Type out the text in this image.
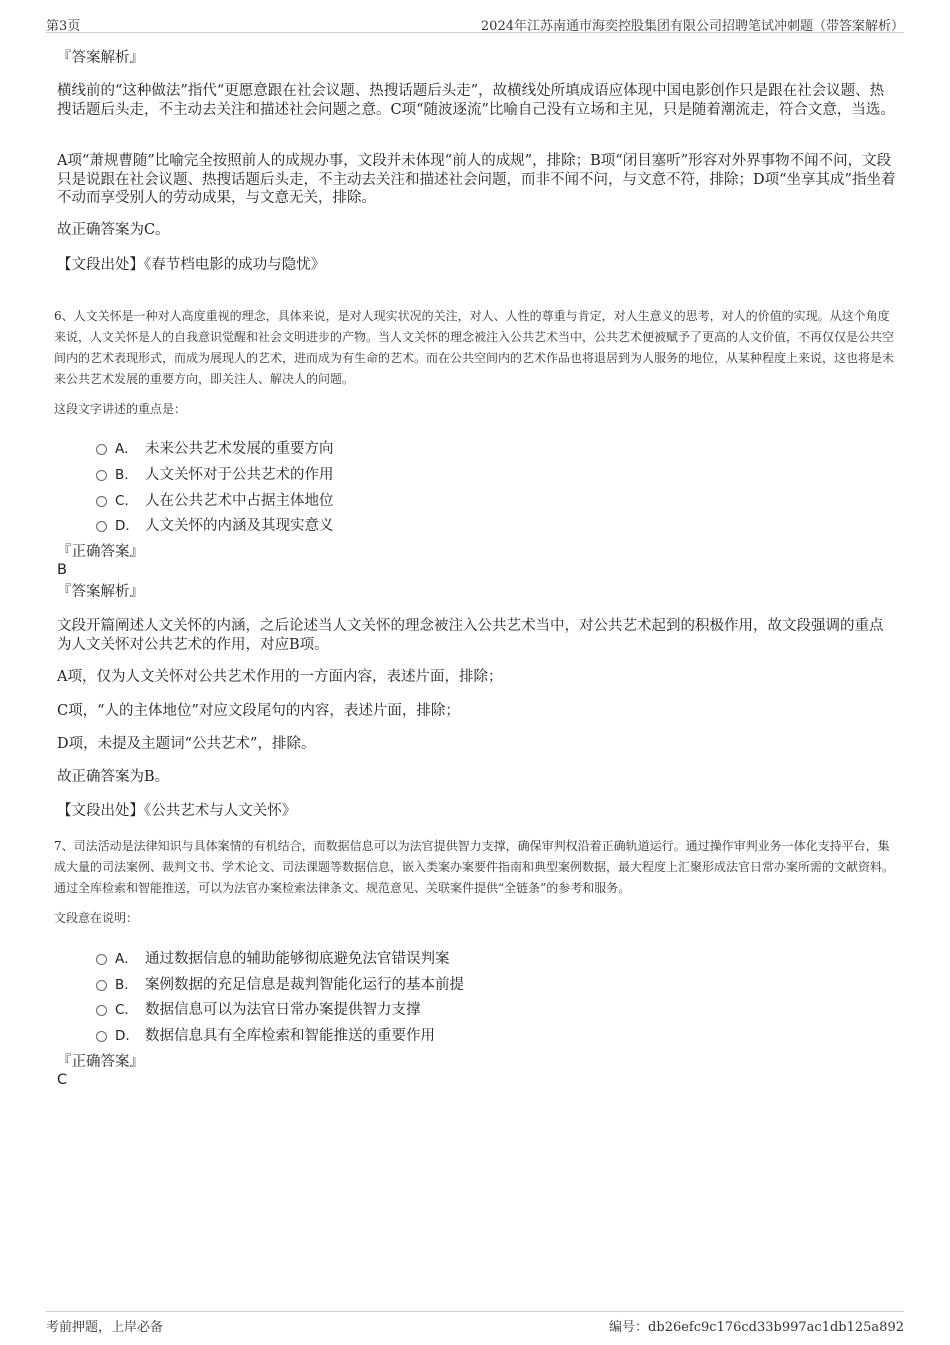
第3页	2024年江苏南通市海奕控股集团有限公司招聘笔试冲刺题（带答案解析）
『答案解析』
横线前的“这种做法”指代“更愿意跟在社会议题、热搜话题后头走”，故横线处所填成语应体现中国电影创作只是跟在社会议题、热搜话题后头走，不主动去关注和描述社会问题之意。C项“随波逐流”比喻自己没有立场和主见，只是随着潮流走，符合文意，当选。
A项“萧规曹随”比喻完全按照前人的成规办事，文段并未体现“前人的成规”，排除；B项“闭目塞听”形容对外界事物不闻不问，文段只是说跟在社会议题、热搜话题后头走，不主动去关注和描述社会问题，而非不闻不问，与文意不符，排除；D项“坐享其成”指坐着不动而享受别人的劳动成果，与文意无关，排除。
故正确答案为C。
【文段出处】《春节档电影的成功与隐忧》
6、人文关怀是一种对人高度重视的理念，具体来说，是对人现实状况的关注，对人、人性的尊重与肯定，对人生意义的思考，对人的价值的实现。从这个角度来说，人文关怀是人的自我意识觉醒和社会文明进步的产物。当人文关怀的理念被注入公共艺术当中，公共艺术便被赋予了更高的人文价值，不再仅仅是公共空间内的艺术表现形式，而成为展现人的艺术，进而成为有生命的艺术。而在公共空间内的艺术作品也将退居到为人服务的地位，从某种程度上来说，这也将是未来公共艺术发展的重要方向，即关注人、解决人的问题。
这段文字讲述的重点是：
A． 未来公共艺术发展的重要方向
B. 人文关怀对于公共艺术的作用
C. 人在公共艺术中占据主体地位
D. 人文关怀的内涵及其现实意义
『正确答案』
B
『答案解析』
文段开篇阐述人文关怀的内涵，之后论述当人文关怀的理念被注入公共艺术当中，对公共艺术起到的积极作用，故文段强调的重点为人文关怀对公共艺术的作用，对应B项。
A项，仅为人文关怀对公共艺术作用的一方面内容，表述片面，排除；
C项，“人的主体地位”对应文段尾句的内容，表述片面，排除；
D项，未提及主题词“公共艺术”，排除。
故正确答案为B。
【文段出处】《公共艺术与人文关怀》
7、司法活动是法律知识与具体案情的有机结合，而数据信息可以为法官提供智力支撑，确保审判权沿着正确轨道运行。通过操作审判业务一体化支持平台，集成大量的司法案例、裁判文书、学术论文、司法课题等数据信息，嵌入类案办案要件指南和典型案例数据，最大程度上汇聚形成法官日常办案所需的文献资料。通过全库检索和智能推送，可以为法官办案检索法律条文、规范意见、关联案件提供“全链条”的参考和服务。
文段意在说明：
A． 通过数据信息的辅助能够彻底避免法官错误判案
B. 案例数据的充足信息是裁判智能化运行的基本前提
C. 数据信息可以为法官日常办案提供智力支撑
D. 数据信息具有全库检索和智能推送的重要作用
『正确答案』
C
考前押题，上岸必备	编号：db26efc9c176cd33b997ac1db125a892
